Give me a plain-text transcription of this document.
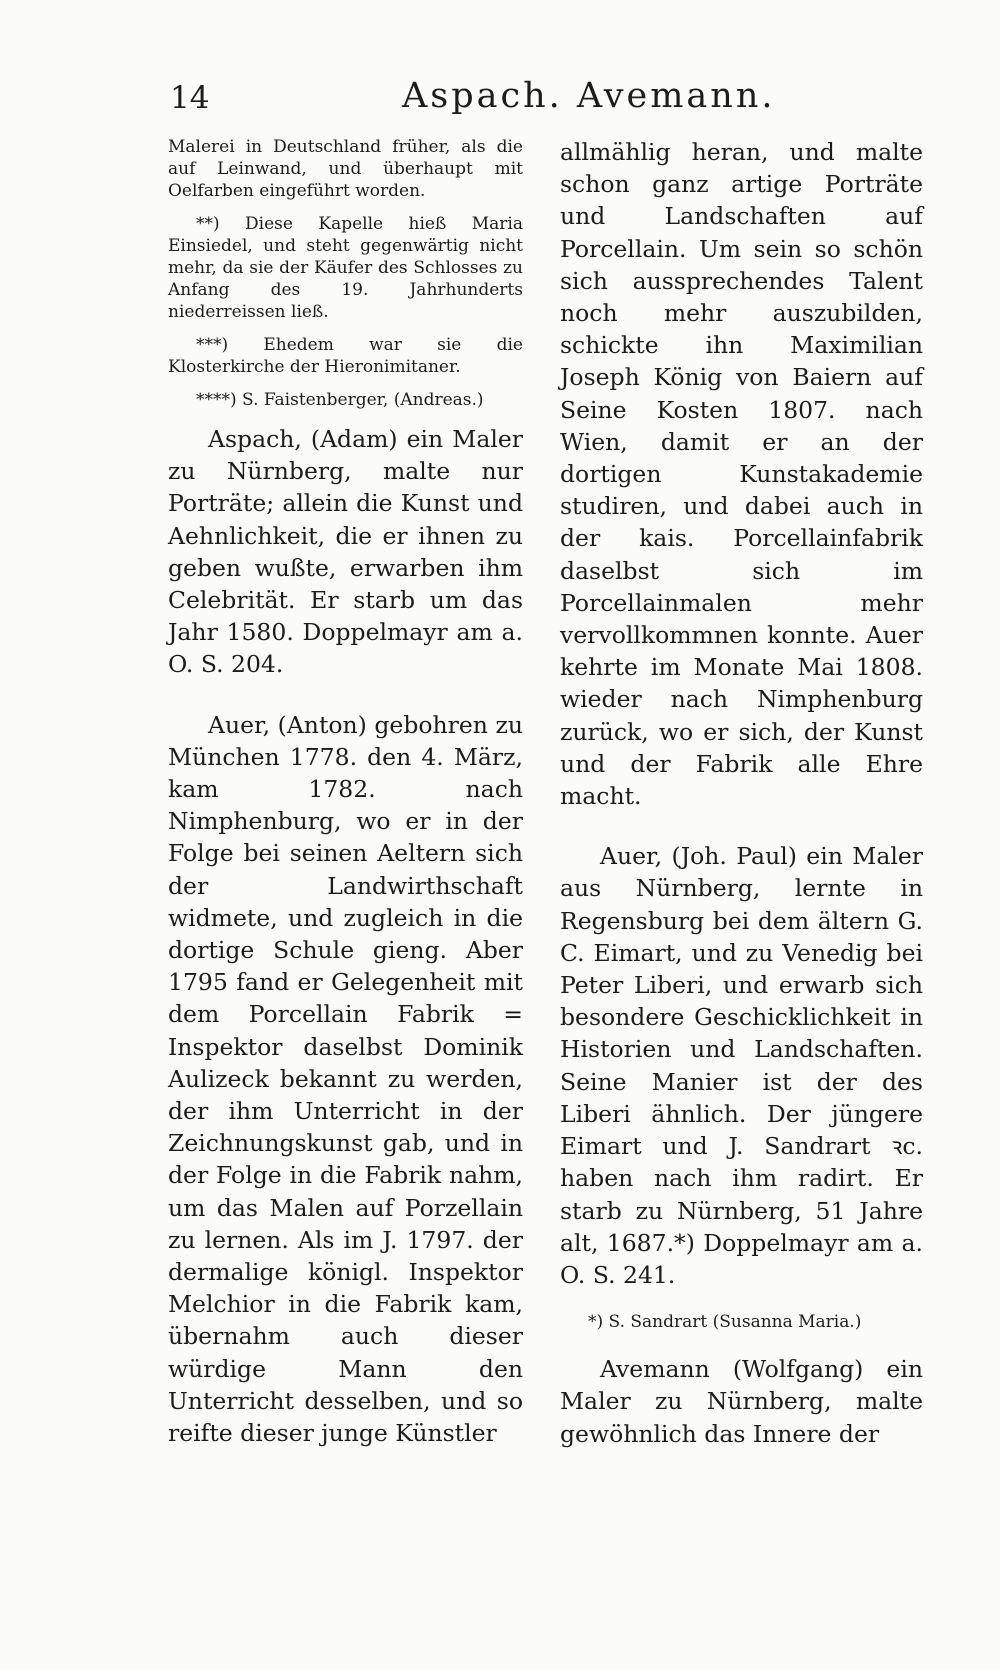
14	Aspach. Avemann.

Malerei in Deutschland früher, als die auf Leinwand, und überhaupt mit Oelfarben eingeführt worden.

**) Diese Kapelle hieß Maria Einsiedel, und steht gegenwärtig nicht mehr, da sie der Käufer des Schlosses zu Anfang des 19. Jahrhunderts niederreissen ließ.

***) Ehedem war sie die Klosterkirche der Hieronimitaner.

****) S. Faistenberger, (Andreas.)

Aspach, (Adam) ein Maler zu Nürnberg, malte nur Porträte; allein die Kunst und Aehnlichkeit, die er ihnen zu geben wußte, erwarben ihm Celebrität. Er starb um das Jahr 1580. Doppelmayr am a. O. S. 204.

Auer, (Anton) gebohren zu München 1778. den 4. März, kam 1782. nach Nimphenburg, wo er in der Folge bei seinen Aeltern sich der Landwirthschaft widmete, und zugleich in die dortige Schule gieng. Aber 1795 fand er Gelegenheit mit dem Porcellain Fabrik = Inspektor daselbst Dominik Aulizeck bekannt zu werden, der ihm Unterricht in der Zeichnungskunst gab, und in der Folge in die Fabrik nahm, um das Malen auf Porzellain zu lernen. Als im J. 1797. der dermalige königl. Inspektor Melchior in die Fabrik kam, übernahm auch dieser würdige Mann den Unterricht desselben, und so reifte dieser junge Künstler

allmählig heran, und malte schon ganz artige Porträte und Landschaften auf Porcellain. Um sein so schön sich aussprechendes Talent noch mehr auszubilden, schickte ihn Maximilian Joseph König von Baiern auf Seine Kosten 1807. nach Wien, damit er an der dortigen Kunstakademie studiren, und dabei auch in der kais. Porcellainfabrik daselbst sich im Porcellainmalen mehr vervollkommnen konnte. Auer kehrte im Monate Mai 1808. wieder nach Nimphenburg zurück, wo er sich, der Kunst und der Fabrik alle Ehre macht.

Auer, (Joh. Paul) ein Maler aus Nürnberg, lernte in Regensburg bei dem ältern G. C. Eimart, und zu Venedig bei Peter Liberi, und erwarb sich besondere Geschicklichkeit in Historien und Landschaften. Seine Manier ist der des Liberi ähnlich. Der jüngere Eimart und J. Sandrart ꝛc. haben nach ihm radirt. Er starb zu Nürnberg, 51 Jahre alt, 1687.*) Doppelmayr am a. O. S. 241.

*) S. Sandrart (Susanna Maria.)

Avemann (Wolfgang) ein Maler zu Nürnberg, malte gewöhnlich das Innere der
